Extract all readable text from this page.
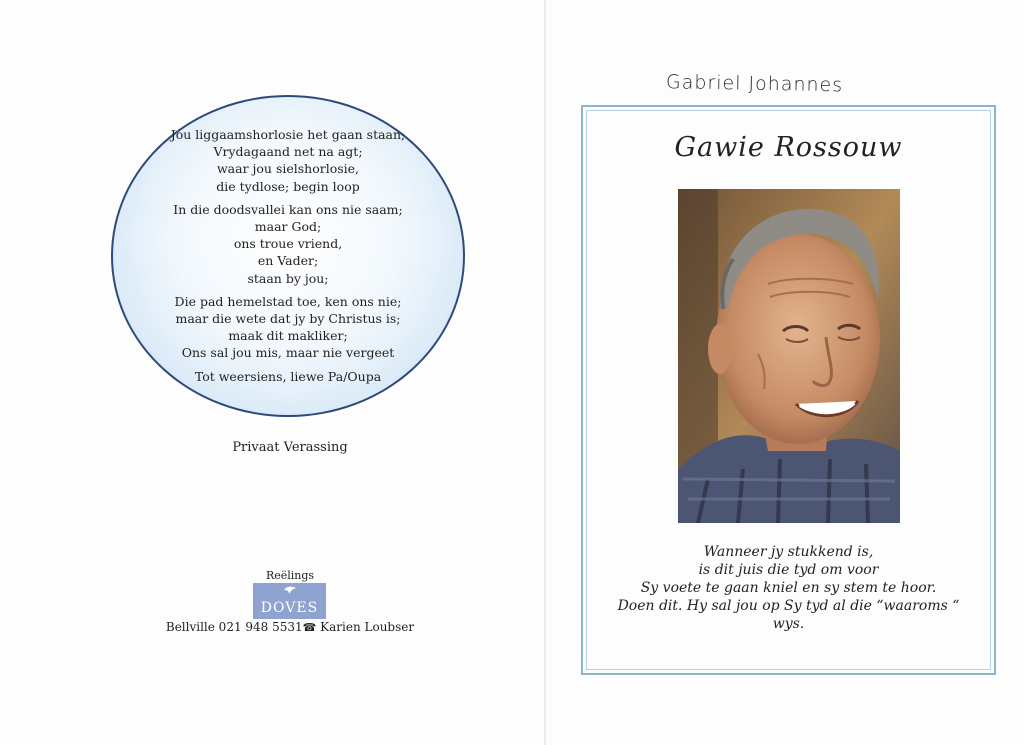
Jou liggaamshorlosie het gaan staan;
Vrydagaand net na agt;
waar jou sielshorlosie,
die tydlose; begin loop
In die doodsvallei kan ons nie saam;
maar God;
ons troue vriend,
en Vader;
staan by jou;
Die pad hemelstad toe, ken ons nie;
maar die wete dat jy by Christus is;
maak dit makliker;
Ons sal jou mis, maar nie vergeet
Tot weersiens, liewe Pa/Oupa
Privaat Verassing
Reëlings
DOVES
Bellville 021 948 5531☎ Karien Loubser
Gabriel Johannes
Gawie Rossouw
Wanneer jy stukkend is,
is dit juis die tyd om voor
Sy voete te gaan kniel en sy stem te hoor.
Doen dit. Hy sal jou op Sy tyd al die “waaroms “
wys.
